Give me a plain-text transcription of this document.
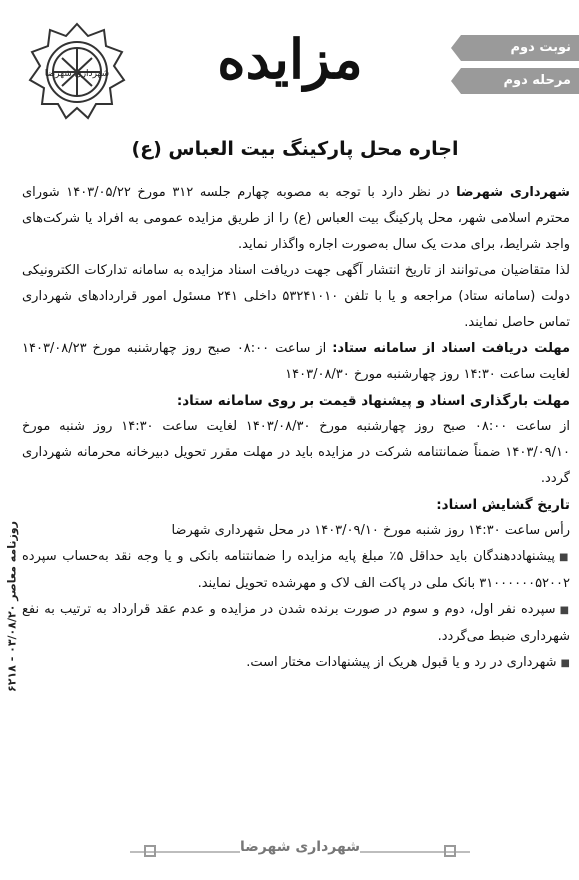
روزنامه معاصر ۰۳/۰۸/۲۰ - ۶۲۱۸
شهرداری شهرضا	مزایده	نوبت دوم
مرحله دوم
اجاره محل پارکینگ بیت العباس (ع)

شهرداری شهرضا در نظر دارد با توجه به مصوبه چهارم جلسه ۳۱۲ مورخ ۱۴۰۳/۰۵/۲۲ شورای محترم اسلامی شهر، محل پارکینگ بیت العباس (ع) را از طریق مزایده عمومی به افراد یا شرکت‌های واجد شرایط، برای مدت یک سال به‌صورت اجاره واگذار نماید.

لذا متقاضیان می‌توانند از تاریخ انتشار آگهی جهت دریافت اسناد مزایده به سامانه تدارکات الکترونیکی دولت (سامانه ستاد) مراجعه و یا با تلفن ۵۳۲۴۱۰۱۰ داخلی ۲۴۱ مسئول امور قراردادهای شهرداری تماس حاصل نمایند.

مهلت دریافت اسناد از سامانه ستاد: از ساعت ۰۸:۰۰ صبح روز چهارشنبه مورخ ۱۴۰۳/۰۸/۲۳ لغایت ساعت ۱۴:۳۰ روز چهارشنبه مورخ ۱۴۰۳/۰۸/۳۰

مهلت بارگذاری اسناد و پیشنهاد قیمت بر روی سامانه ستاد:

از ساعت ۰۸:۰۰ صبح روز چهارشنبه مورخ ۱۴۰۳/۰۸/۳۰ لغایت ساعت ۱۴:۳۰ روز شنبه مورخ ۱۴۰۳/۰۹/۱۰ ضمناً ضمانتنامه شرکت در مزایده باید در مهلت مقرر تحویل دبیرخانه محرمانه شهرداری گردد.

تاریخ گشایش اسناد:

رأس ساعت ۱۴:۳۰ روز شنبه مورخ ۱۴۰۳/۰۹/۱۰ در محل شهرداری شهرضا

■ پیشنهاددهندگان باید حداقل ۵٪ مبلغ پایه مزایده را ضمانتنامه بانکی و یا وجه نقد به‌حساب سپرده ۳۱۰۰۰۰۰۰۵۲۰۰۲ بانک ملی در پاکت الف لاک و مهرشده تحویل نمایند.

■ سپرده نفر اول، دوم و سوم در صورت برنده شدن در مزایده و عدم عقد قرارداد به ترتیب به نفع شهرداری ضبط می‌گردد.

■ شهرداری در رد و یا قبول هریک از پیشنهادات مختار است.

شهرداری شهرضا
